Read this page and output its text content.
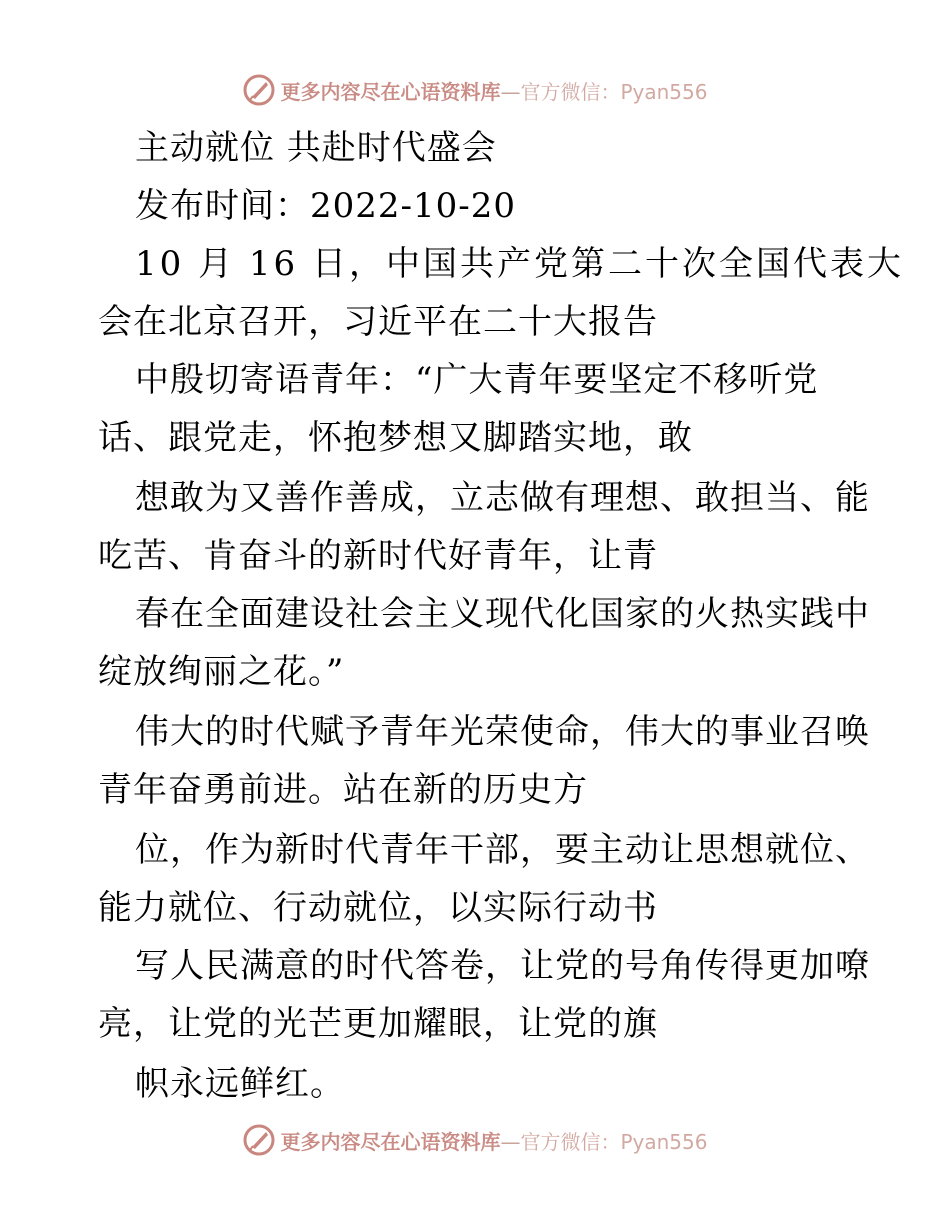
更多内容尽在心语资料库—官方微信：Pyan556
主动就位 共赴时代盛会
发布时间：2022-10-20
10 月 16 日，中国共产党第二十次全国代表大
会在北京召开，习近平在二十大报告
中殷切寄语青年：“广大青年要坚定不移听党
话、跟党走，怀抱梦想又脚踏实地，敢
想敢为又善作善成，立志做有理想、敢担当、能
吃苦、肯奋斗的新时代好青年，让青
春在全面建设社会主义现代化国家的火热实践中
绽放绚丽之花。”
伟大的时代赋予青年光荣使命，伟大的事业召唤
青年奋勇前进。站在新的历史方
位，作为新时代青年干部，要主动让思想就位、
能力就位、行动就位，以实际行动书
写人民满意的时代答卷，让党的号角传得更加嘹
亮，让党的光芒更加耀眼，让党的旗
帜永远鲜红。
更多内容尽在心语资料库—官方微信：Pyan556
